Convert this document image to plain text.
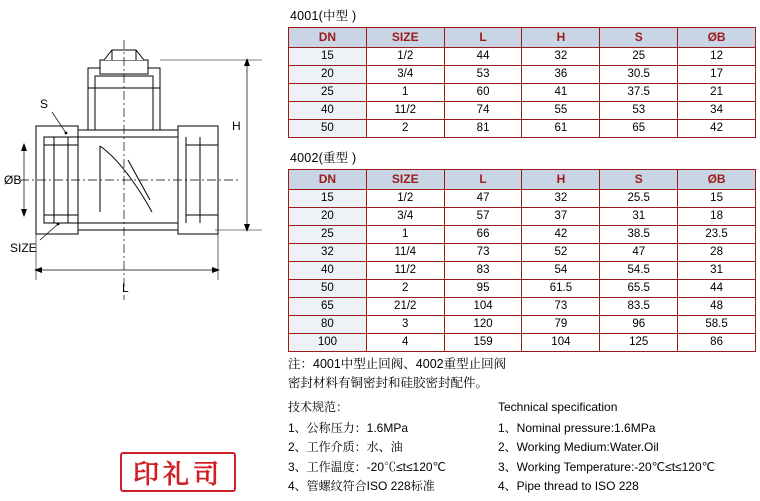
S
ØB
SIZE
H
L
4001(中型 )
DN	SIZE	L	H	S	ØB
15	1/2	44	32	25	12
20	3/4	53	36	30.5	17
25	1	60	41	37.5	21
40	11/2	74	55	53	34
50	2	81	61	65	42
4002(重型 )
DN	SIZE	L	H	S	ØB
15	1/2	47	32	25.5	15
20	3/4	57	37	31	18
25	1	66	42	38.5	23.5
32	11/4	73	52	47	28
40	11/2	83	54	54.5	31
50	2	95	61.5	65.5	44
65	21/2	104	73	83.5	48
80	3	120	79	96	58.5
100	4	159	104	125	86
注：4001中型止回阀、4002重型止回阀
密封材料有铜密封和硅胶密封配件。
技术规范：	Technical specification
1、公称压力：1.6MPa	1、Nominal pressure:1.6MPa
2、工作介质：水、油	2、Working Medium:Water.Oil
3、工作温度：-20℃≤t≤120℃	3、Working Temperature:-20℃≤t≤120℃
4、管螺纹符合ISO 228标准	4、Pipe thread to ISO 228
印礼司
